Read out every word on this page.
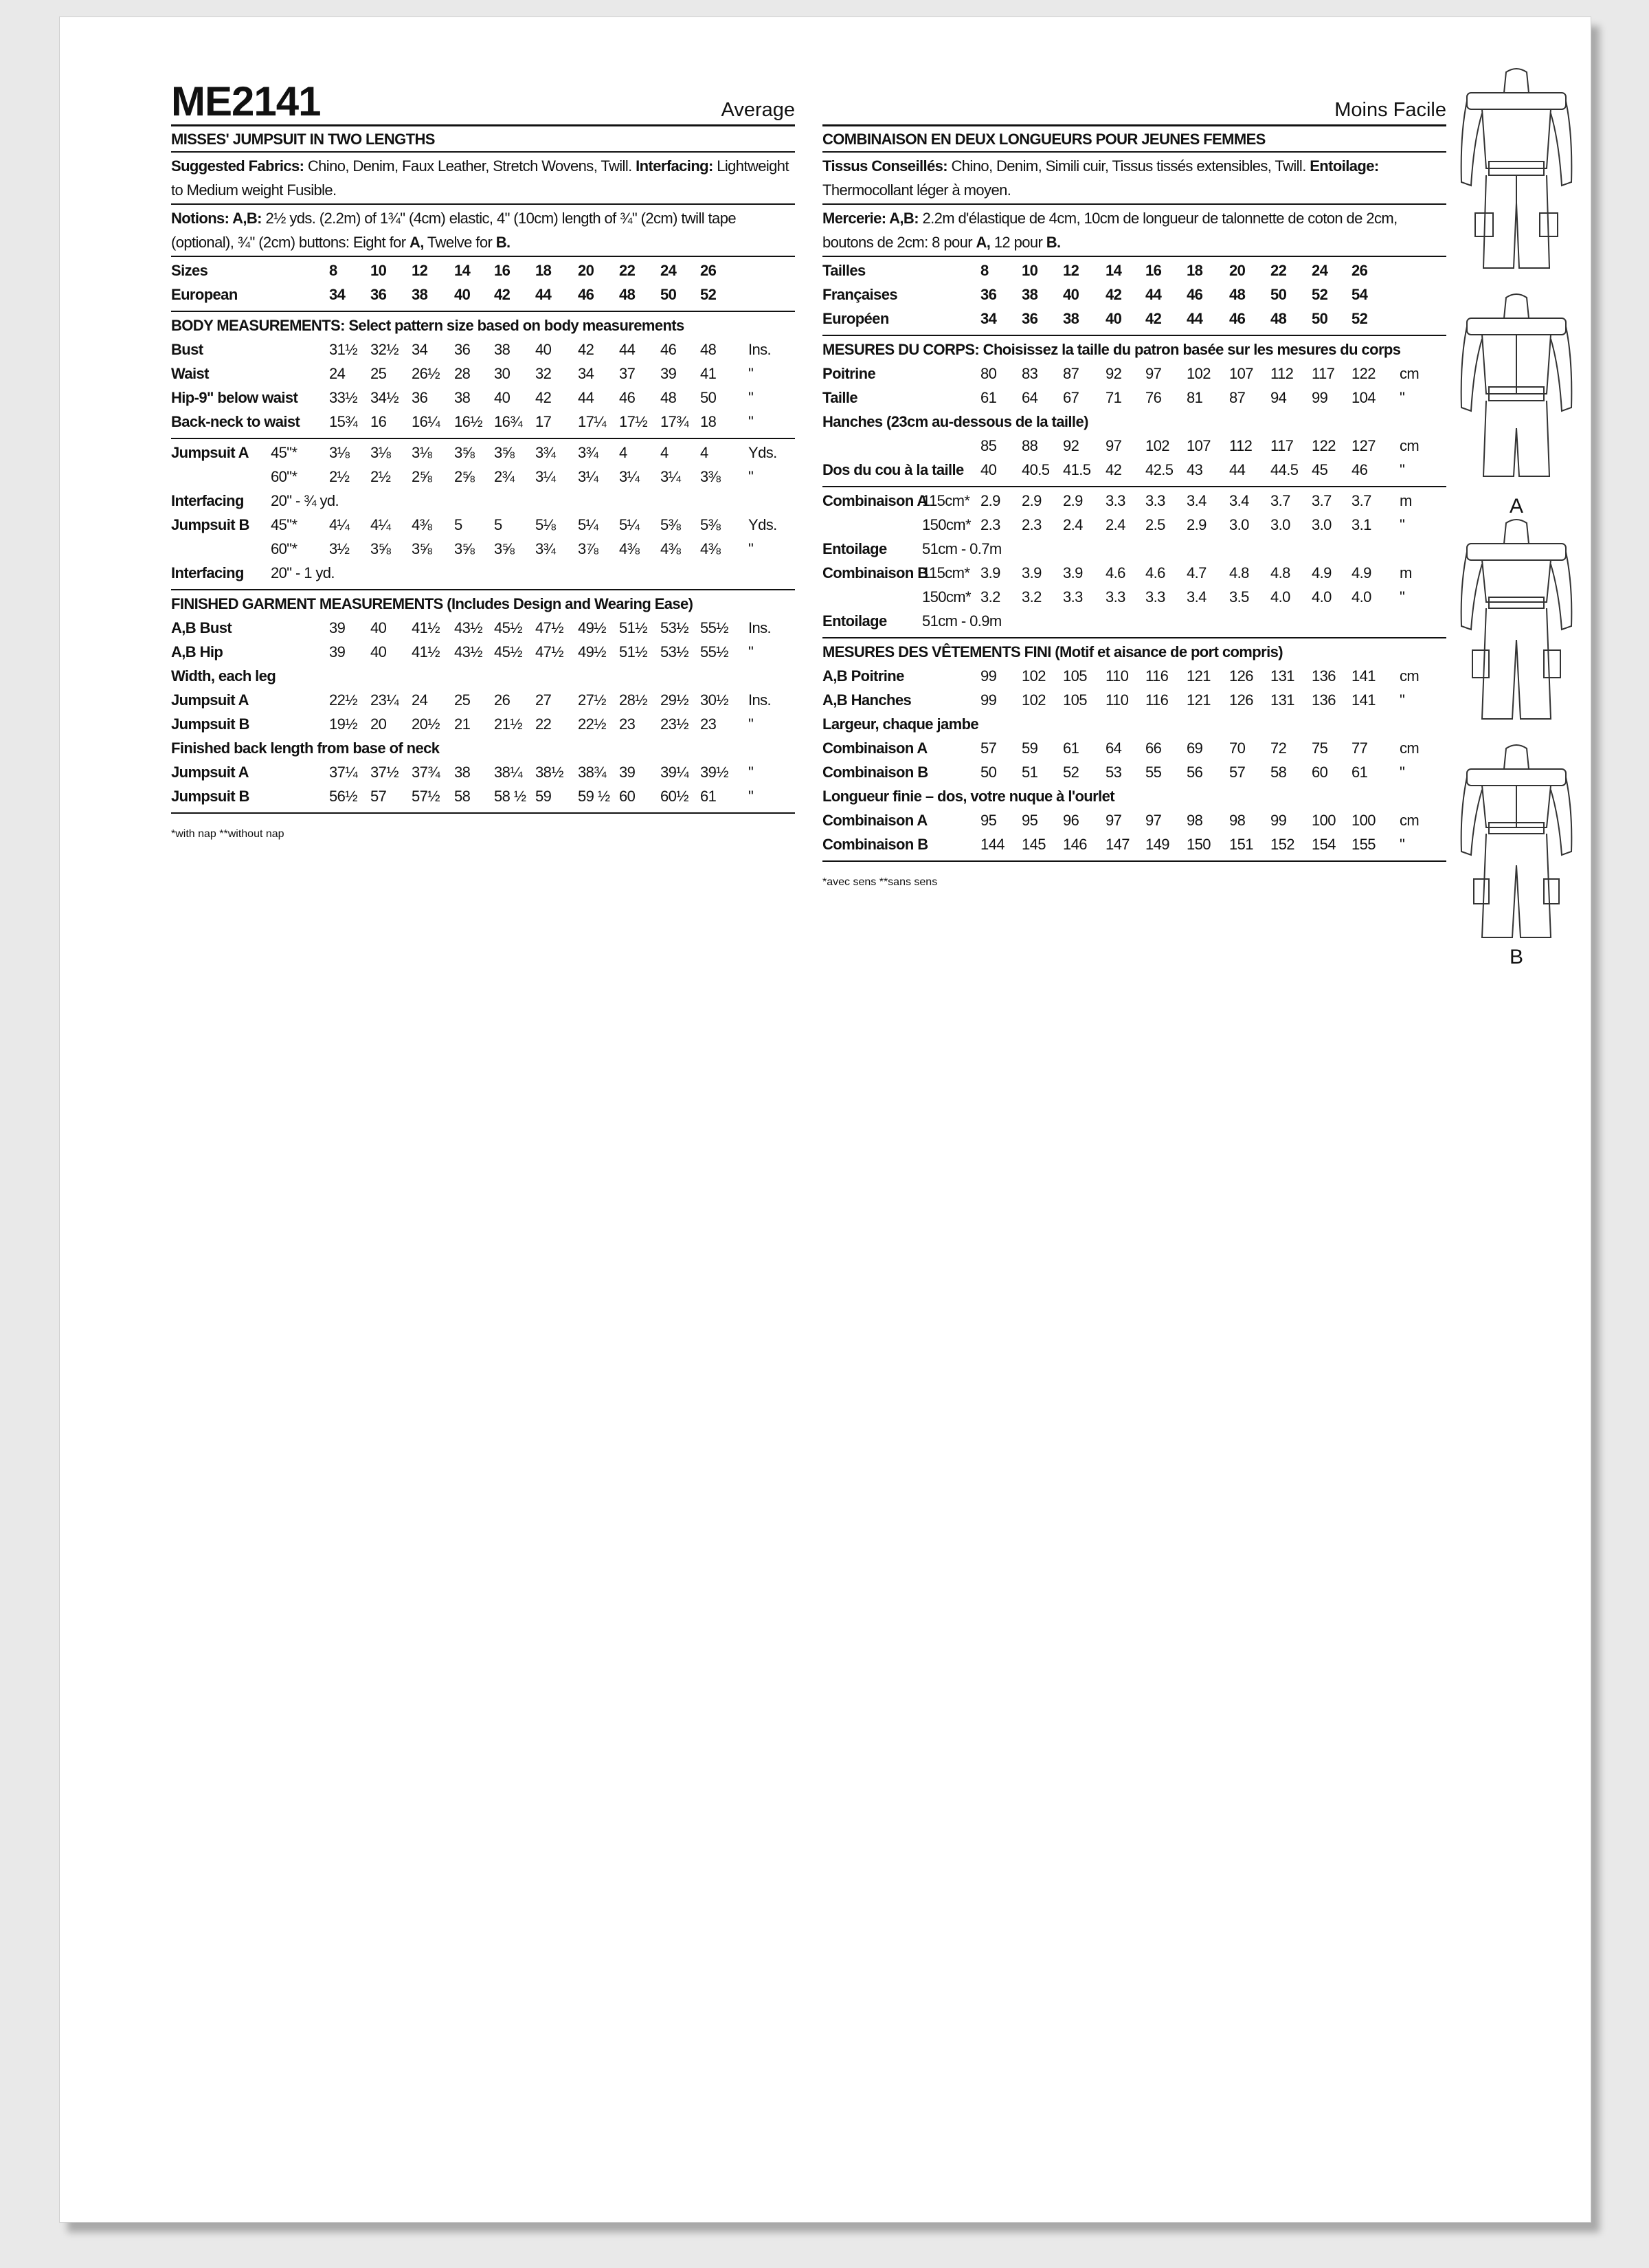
ME2141	Average
MISSES' JUMPSUIT IN TWO LENGTHS
Suggested Fabrics: Chino, Denim, Faux Leather, Stretch Wovens, Twill. Interfacing: Lightweight to Medium weight Fusible.
Notions: A,B: 2½ yds. (2.2m) of 1¾" (4cm) elastic, 4" (10cm) length of ¾" (2cm) twill tape (optional), ¾" (2cm) buttons: Eight for A, Twelve for B.
Sizes	8 10 12 14 16 18 20 22 24 26
European	34 36 38 40 42 44 46 48 50 52
BODY MEASUREMENTS: Select pattern size based on body measurements
Bust	31½ 32½ 34 36 38 40 42 44 46 48 Ins.
Waist	24 25 26½ 28 30 32 34 37 39 41 "
Hip-9" below waist 33½ 34½ 36 38 40 42 44 46 48 50 "
Back-neck to waist 15¾ 16 16¼ 16½ 16¾ 17 17¼ 17½ 17¾ 18 "
Jumpsuit A 45"* 3⅛ 3⅛ 3⅛ 3⅝ 3⅝ 3¾ 3¾ 4 4 4	Yds.
60"* 2½ 2½ 2⅝ 2⅝ 2¾ 3¼ 3¼ 3¼ 3¼ 3⅜ "
Interfacing 20" - ¾ yd.
Jumpsuit B 45"* 4¼ 4¼ 4⅜ 5 5 5⅛ 5¼ 5¼ 5⅜ 5⅜ Yds.
60"* 3½ 3⅝ 3⅝ 3⅝ 3⅝ 3¾ 3⅞ 4⅜ 4⅜ 4⅜ "
Interfacing 20" - 1 yd.
FINISHED GARMENT MEASUREMENTS (Includes Design and Wearing Ease)
A,B Bust	39 40 41½ 43½ 45½ 47½ 49½ 51½ 53½ 55½ Ins.
A,B Hip	39 40 41½ 43½ 45½ 47½ 49½ 51½ 53½ 55½ "
Width, each leg
Jumpsuit A	22½ 23¼ 24 25 26 27 27½ 28½ 29½ 30½ Ins.
Jumpsuit B	19½ 20 20½ 21 21½ 22 22½ 23 23½ 23 "
Finished back length from base of neck
Jumpsuit A	37¼ 37½ 37¾ 38 38¼ 38½ 38¾ 39 39¼ 39½ "
Jumpsuit B	56½ 57 57½ 58 58 ½ 59 59 ½ 60 60½ 61 "
*with nap **without nap
Moins Facile
COMBINAISON EN DEUX LONGUEURS POUR JEUNES FEMMES
Tissus Conseillés: Chino, Denim, Simili cuir, Tissus tissés extensibles, Twill. Entoilage: Thermocollant léger à moyen.
Mercerie: A,B: 2.2m d'élastique de 4cm, 10cm de longueur de talonnette de coton de 2cm, boutons de 2cm: 8 pour A, 12 pour B.
Tailles	8 10 12 14 16 18 20 22 24 26
Françaises	36 38 40 42 44 46 48 50 52 54
Européen	34 36 38 40 42 44 46 48 50 52
MESURES DU CORPS: Choisissez la taille du patron basée sur les mesures du corps
Poitrine	80 83 87 92 97 102 107 112 117 122 cm
Taille	61 64 67 71 76 81 87 94 99 104 "
Hanches (23cm au-dessous de la taille)
85 88 92 97 102 107 112 117 122 127 cm
Dos du cou à la taille 40 40.5 41.5 42 42.5 43 44 44.5 45 46 "
Combinaison A
115cm* 2.9 2.9 2.9 3.3 3.3 3.4 3.4 3.7 3.7 3.7 m
150cm* 2.3 2.3 2.4 2.4 2.5 2.9 3.0 3.0 3.0 3.1 "
Entoilage 51cm - 0.7m
Combinaison B
115cm* 3.9 3.9 3.9 4.6 4.6 4.7 4.8 4.8 4.9 4.9 m
150cm* 3.2 3.2 3.3 3.3 3.3 3.4 3.5 4.0 4.0 4.0 "
Entoilage 51cm - 0.9m
MESURES DES VÊTEMENTS FINI (Motif et aisance de port compris)
A,B Poitrine	99 102 105 110 116 121 126 131 136 141 cm
A,B Hanches	99 102 105 110 116 121 126 131 136 141 "
Largeur, chaque jambe
Combinaison A	57 59 61 64 66 69 70 72 75 77 cm
Combinaison B	50 51 52 53 55 56 57 58 60 61 "
Longueur finie – dos, votre nuque à l'ourlet
Combinaison A	95 95 96 97 97 98 98 99 100 100 cm
Combinaison B	144 145 146 147 149 150 151 152 154 155 "
*avec sens **sans sens
A
B
